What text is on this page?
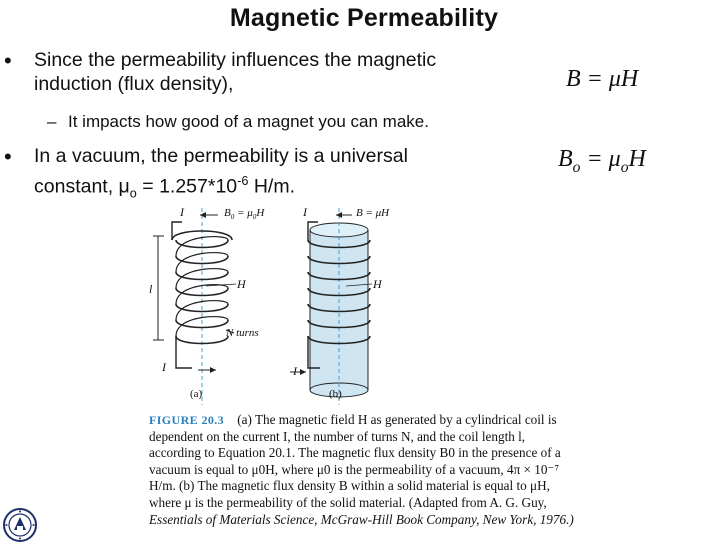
Magnetic Permeability
• Since the permeability influences the magnetic
induction (flux density),
– It impacts how good of a magnet you can make.
• In a vacuum, the permeability is a universal
constant, $\mu_o = 1.257*10^{-6}$ H/m.
B = μH
$B_o = \mu_oH$
I	$B_0 = \mu_0H$	I	B = μH
H	H
l
N turns
I	I
(a)	(b)
FIGURE 20.3 (a) The magnetic field H as generated by a cylindrical coil is
dependent on the current I, the number of turns N, and the coil length l,
according to Equation 20.1. The magnetic flux density B0 in the presence of a
vacuum is equal to μ0H, where μ0 is the permeability of a vacuum, 4π × 10⁻⁷
H/m. (b) The magnetic flux density B within a solid material is equal to μH,
where μ is the permeability of the solid material. (Adapted from A. G. Guy,
Essentials of Materials Science, McGraw-Hill Book Company, New York, 1976.)
